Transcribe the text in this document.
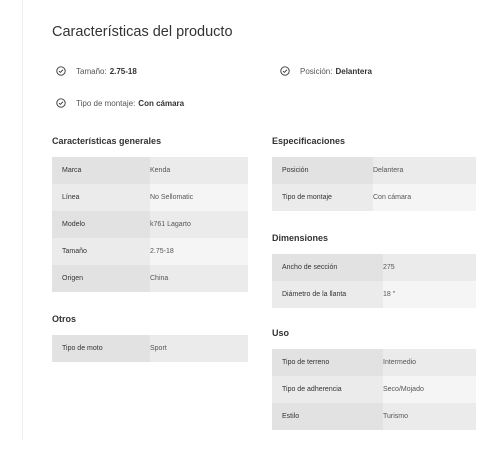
Características del producto
Tamaño: 2.75-18	Posición: Delantera
Tipo de montaje: Con cámara
Características generales
Marca	Kenda
Línea	No Sellomatic
Modelo	k761 Lagarto
Tamaño	2.75-18
Origen	China
Otros
Tipo de moto	Sport
Especificaciones
Posición	Delantera
Tipo de montaje	Con cámara
Dimensiones
Ancho de sección	275
Diámetro de la llanta	18 "
Uso
Tipo de terreno	Intermedio
Tipo de adherencia	Seco/Mojado
Estilo	Turismo
